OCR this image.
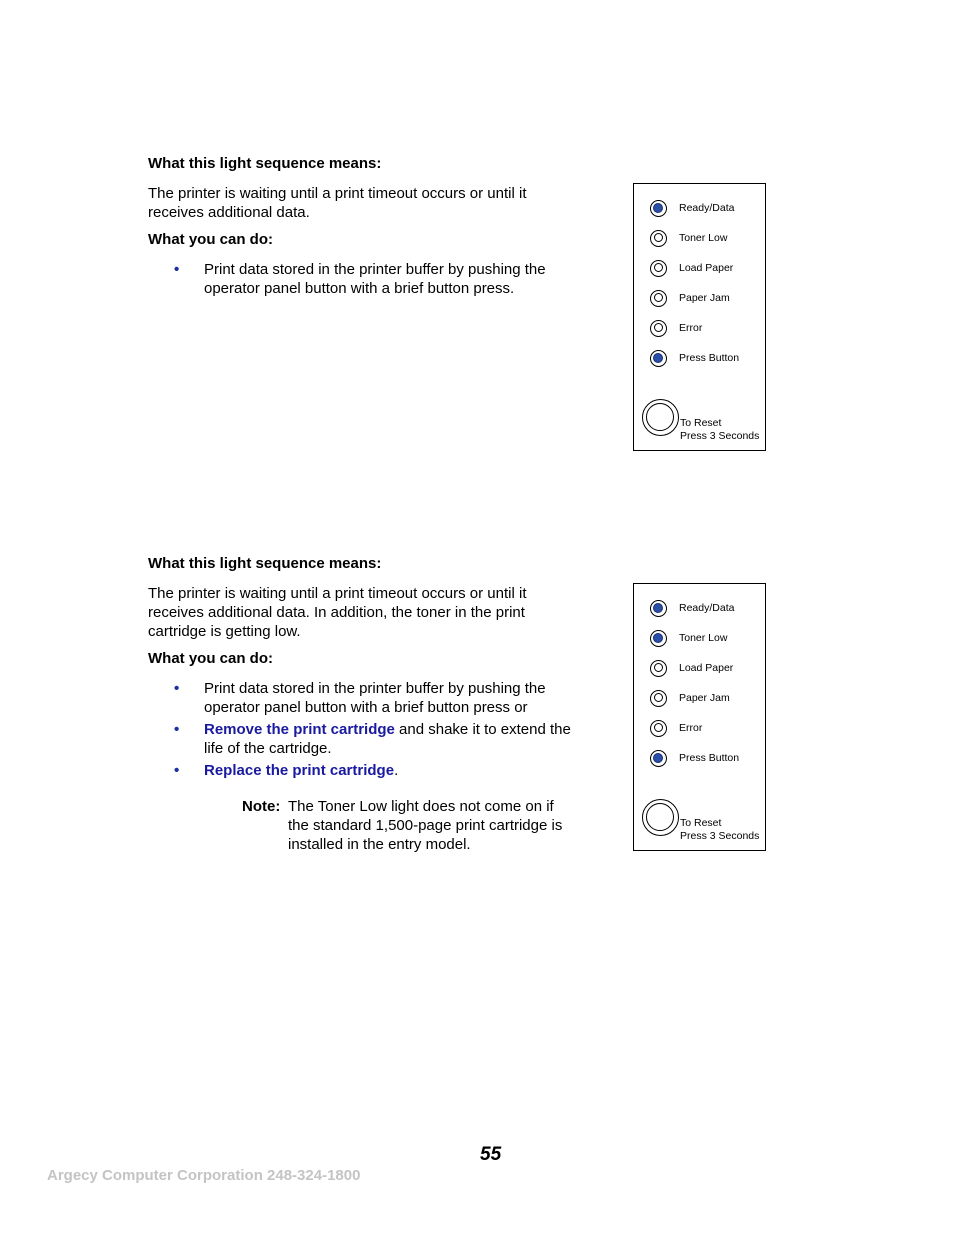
What this light sequence means:

The printer is waiting until a print timeout occurs or until it receives additional data.

What you can do:

• Print data stored in the printer buffer by pushing the operator panel button with a brief button press.
To Reset
Press 3 Seconds
Ready/Data
Toner Low
Load Paper
Paper Jam
Error
Press Button

What this light sequence means:

The printer is waiting until a print timeout occurs or until it receives additional data. In addition, the toner in the print cartridge is getting low.

What you can do:

• Print data stored in the printer buffer by pushing the operator panel button with a brief button press or
• Remove the print cartridge and shake it to extend the life of the cartridge.
• Replace the print cartridge.
Note: The Toner Low light does not come on if the standard 1,500-page print cartridge is installed in the entry model.
To Reset
Press 3 Seconds
Ready/Data
Toner Low
Load Paper
Paper Jam
Error
Press Button
55
Argecy Computer Corporation 248-324-1800
